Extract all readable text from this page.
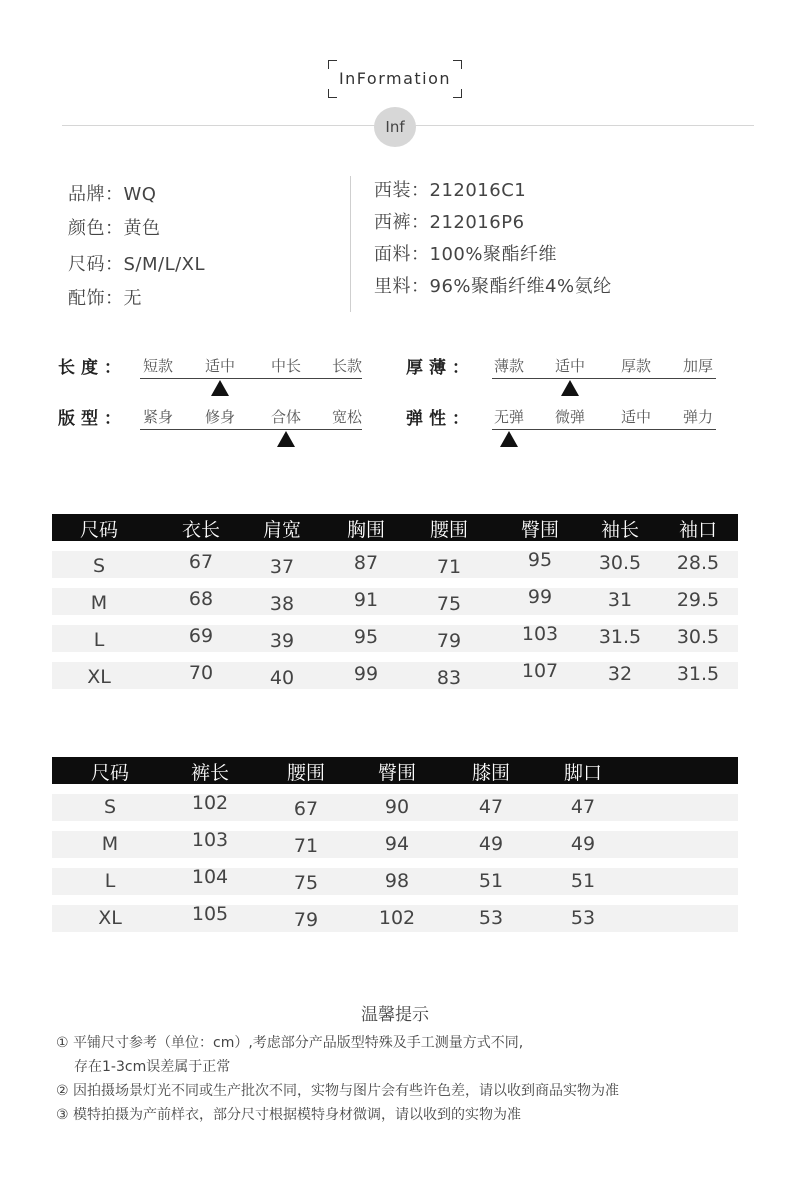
InFormation
Inf
品牌：WQ
颜色：黄色
尺码：S/M/L/XL
配饰：无
西装：212016C1
西裤：212016P6
面料：100%聚酯纤维
里料：96%聚酯纤维4%氨纶
长度：	短款	适中	中长	长款	厚薄：	薄款	适中	厚款	加厚
版型：	紧身	修身	合体	宽松	弹性：	无弹	微弹	适中	弹力
尺码	衣长	肩宽	胸围	腰围	臀围	袖长	袖口
S	67	37	87	71	95	30.5	28.5
M	68	38	91	75	99	31	29.5
L	69	39	95	79	103	31.5	30.5
XL	70	40	99	83	107	32	31.5
尺码	裤长	腰围	臀围	膝围	脚口
S	102	67	90	47	47
M	103	71	94	49	49
L	104	75	98	51	51
XL	105	79	102	53	53
温馨提示
① 平铺尺寸参考（单位：cm）,考虑部分产品版型特殊及手工测量方式不同,
存在1-3cm误差属于正常
② 因拍摄场景灯光不同或生产批次不同，实物与图片会有些许色差，请以收到商品实物为准
③ 模特拍摄为产前样衣，部分尺寸根据模特身材微调，请以收到的实物为准
